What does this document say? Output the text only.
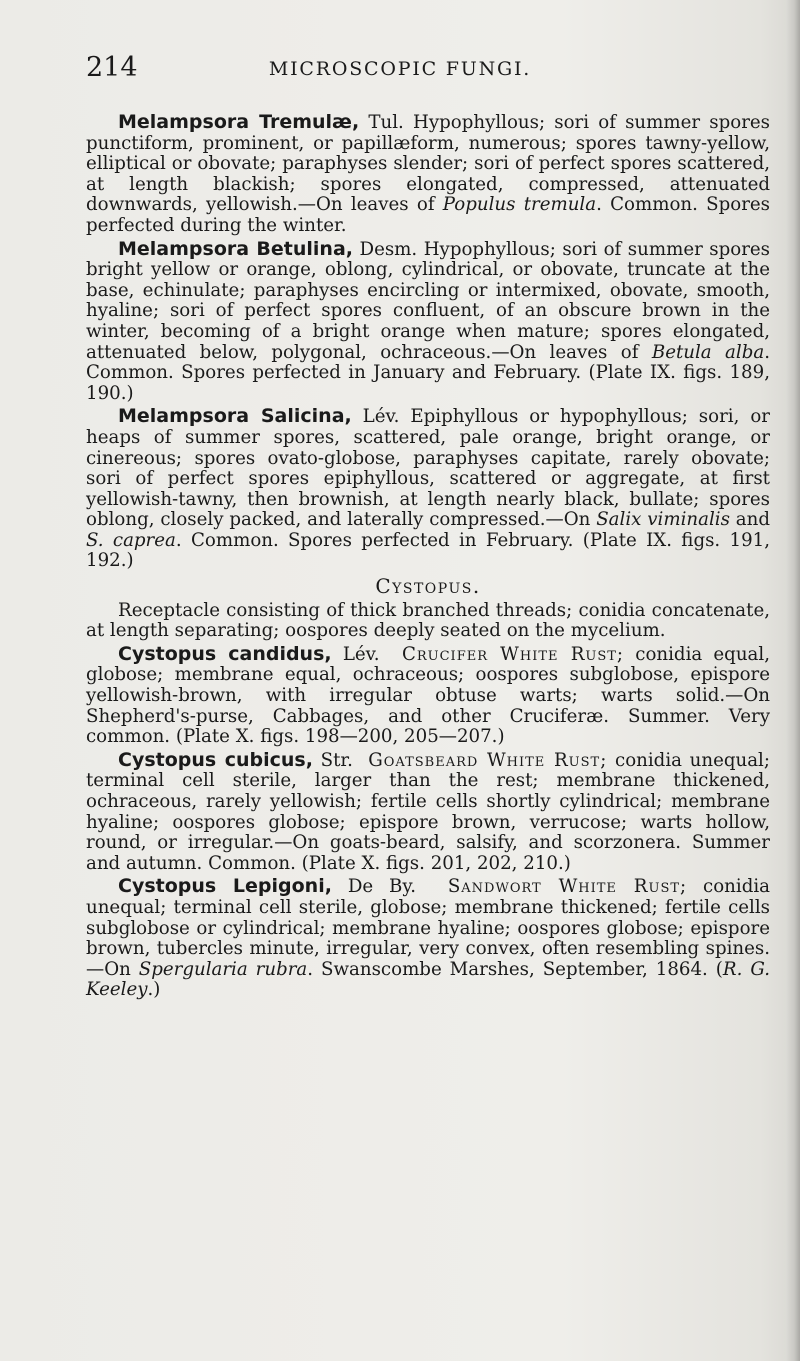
214	MICROSCOPIC FUNGI.

Melampsora Tremulæ, Tul. Hypophyllous; sori of summer spores punctiform, prominent, or papillæform, numerous; spores tawny-yellow, elliptical or obovate; paraphyses slender; sori of perfect spores scattered, at length blackish; spores elongated, compressed, attenuated downwards, yellowish.—On leaves of Populus tremula. Common. Spores perfected during the winter.

Melampsora Betulina, Desm. Hypophyllous; sori of summer spores bright yellow or orange, oblong, cylindrical, or obovate, truncate at the base, echinulate; paraphyses encircling or intermixed, obovate, smooth, hyaline; sori of perfect spores confluent, of an obscure brown in the winter, becoming of a bright orange when mature; spores elongated, attenuated below, polygonal, ochraceous.—On leaves of Betula alba. Common. Spores perfected in January and February. (Plate IX. figs. 189, 190.)

Melampsora Salicina, Lév. Epiphyllous or hypophyllous; sori, or heaps of summer spores, scattered, pale orange, bright orange, or cinereous; spores ovato-globose, paraphyses capitate, rarely obovate; sori of perfect spores epiphyllous, scattered or aggregate, at first yellowish-tawny, then brownish, at length nearly black, bullate; spores oblong, closely packed, and laterally compressed.—On Salix viminalis and S. caprea. Common. Spores perfected in February. (Plate IX. figs. 191, 192.)

Cystopus.

Receptacle consisting of thick branched threads; conidia concatenate, at length separating; oospores deeply seated on the mycelium.

Cystopus candidus, Lév. Crucifer White Rust; conidia equal, globose; membrane equal, ochraceous; oospores subglobose, epispore yellowish-brown, with irregular obtuse warts; warts solid.—On Shepherd's-purse, Cabbages, and other Cruciferæ. Summer. Very common. (Plate X. figs. 198—200, 205—207.)

Cystopus cubicus, Str. Goatsbeard White Rust; conidia unequal; terminal cell sterile, larger than the rest; membrane thickened, ochraceous, rarely yellowish; fertile cells shortly cylindrical; membrane hyaline; oospores globose; epispore brown, verrucose; warts hollow, round, or irregular.—On goats-beard, salsify, and scorzonera. Summer and autumn. Common. (Plate X. figs. 201, 202, 210.)

Cystopus Lepigoni, De By. Sandwort White Rust; conidia unequal; terminal cell sterile, globose; membrane thickened; fertile cells subglobose or cylindrical; membrane hyaline; oospores globose; epispore brown, tubercles minute, irregular, very convex, often resembling spines.—On Spergularia rubra. Swanscombe Marshes, September, 1864. (R. G. Keeley.)
